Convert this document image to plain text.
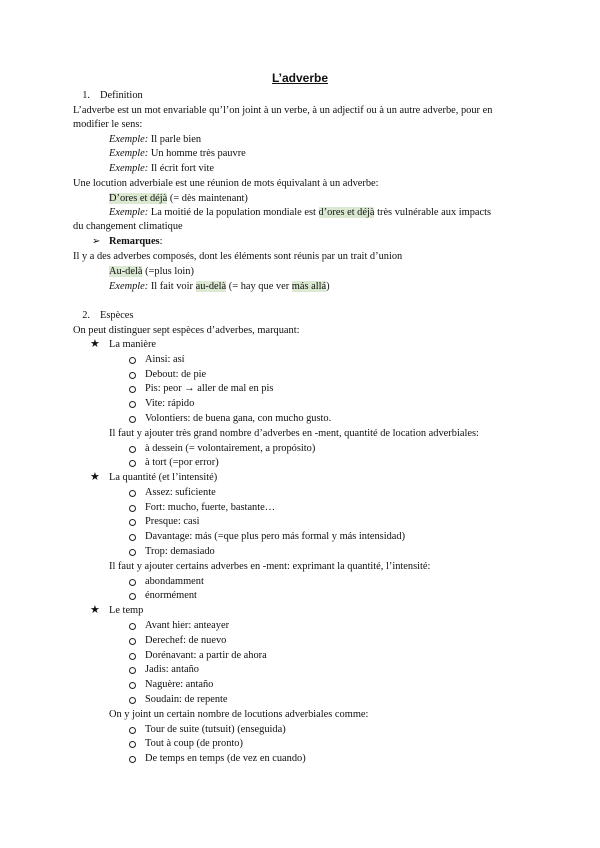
L’adverbe
1. Definition
L’adverbe est un mot envariable qu’l’on joint à un verbe, à un adjectif ou à un autre adverbe, pour en
modifier le sens:
Exemple: Il parle bien
Exemple: Un homme très pauvre
Exemple: Il écrit fort vite
Une locution adverbiale est une réunion de mots équivalant à un adverbe:
D’ores et déjà (= dès maintenant)
Exemple: La moitié de la population mondiale est d’ores et déjà très vulnérable aux impacts
du changement climatique
➢ Remarques:
Il y a des adverbes composés, dont les éléments sont réunis par un trait d’union
Au-delà (=plus loin)
Exemple: Il fait voir au-delà (= hay que ver más allá)
2. Espèces
On peut distinguer sept espèces d’adverbes, marquant:
★ La manière
Ainsi: así
Debout: de pie
Pis: peor → aller de mal en pis
Vite: rápido
Volontiers: de buena gana, con mucho gusto.
Il faut y ajouter très grand nombre d’adverbes en -ment, quantité de location adverbiales:
à dessein (= volontairement, a propósito)
à tort (=por error)
★ La quantité (et l’intensité)
Assez: suficiente
Fort: mucho, fuerte, bastante…
Presque: casi
Davantage: más (=que plus pero más formal y más intensidad)
Trop: demasiado
Il faut y ajouter certains adverbes en -ment: exprimant la quantité, l’intensité:
abondamment
énormément
★ Le temp
Avant hier: anteayer
Derechef: de nuevo
Dorénavant: a partir de ahora
Jadis: antaño
Naguère: antaño
Soudain: de repente
On y joint un certain nombre de locutions adverbiales comme:
Tour de suite (tutsuit) (enseguida)
Tout à coup (de pronto)
De temps en temps (de vez en cuando)
